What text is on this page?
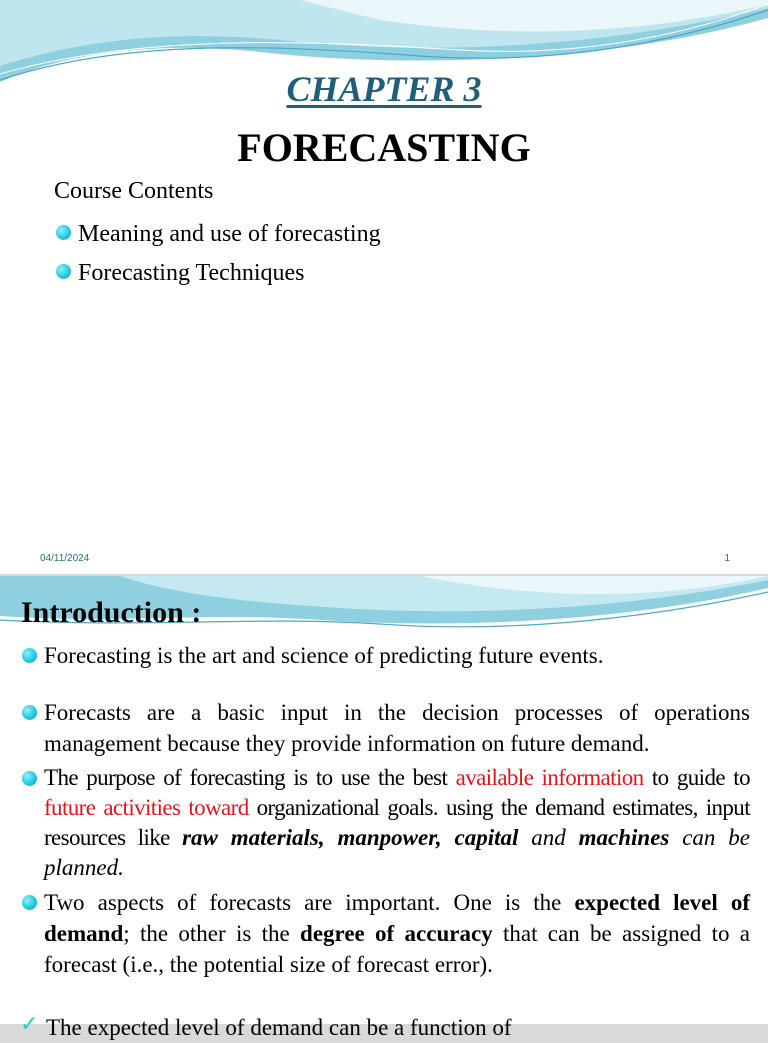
CHAPTER 3
FORECASTING
Course Contents
Meaning and use of forecasting
Forecasting Techniques
04/11/2024	1
Introduction :

Forecasting is the art and science of predicting future events.

Forecasts are a basic input in the decision processes of operations management because they provide information on future demand.

The purpose of forecasting is to use the best available information to guide to future activities toward organizational goals. using the demand estimates, input resources like raw materials, manpower, capital and machines can be planned.

Two aspects of forecasts are important. One is the expected level of demand; the other is the degree of accuracy that can be assigned to a forecast (i.e., the potential size of forecast error).

✓ The expected level of demand can be a function of
